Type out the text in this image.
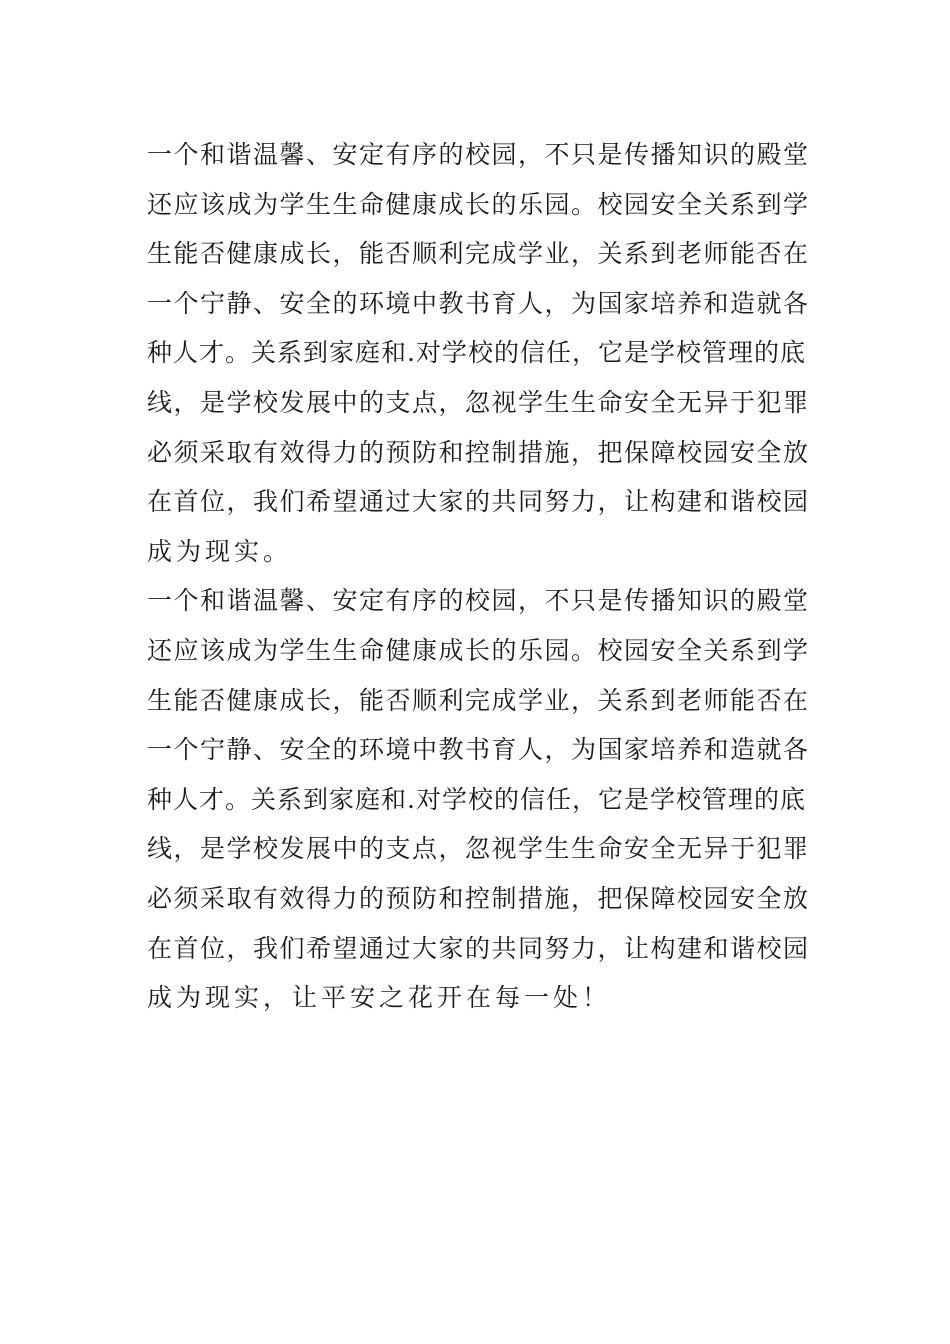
一个和谐温馨、安定有序的校园，不只是传播知识的殿堂
还应该成为学生生命健康成长的乐园。校园安全关系到学
生能否健康成长，能否顺利完成学业，关系到老师能否在
一个宁静、安全的环境中教书育人，为国家培养和造就各
种人才。关系到家庭和.对学校的信任，它是学校管理的底
线，是学校发展中的支点，忽视学生生命安全无异于犯罪
必须采取有效得力的预防和控制措施，把保障校园安全放
在首位，我们希望通过大家的共同努力，让构建和谐校园
成为现实。
一个和谐温馨、安定有序的校园，不只是传播知识的殿堂
还应该成为学生生命健康成长的乐园。校园安全关系到学
生能否健康成长，能否顺利完成学业，关系到老师能否在
一个宁静、安全的环境中教书育人，为国家培养和造就各
种人才。关系到家庭和.对学校的信任，它是学校管理的底
线，是学校发展中的支点，忽视学生生命安全无异于犯罪
必须采取有效得力的预防和控制措施，把保障校园安全放
在首位，我们希望通过大家的共同努力，让构建和谐校园
成为现实，让平安之花开在每一处！
